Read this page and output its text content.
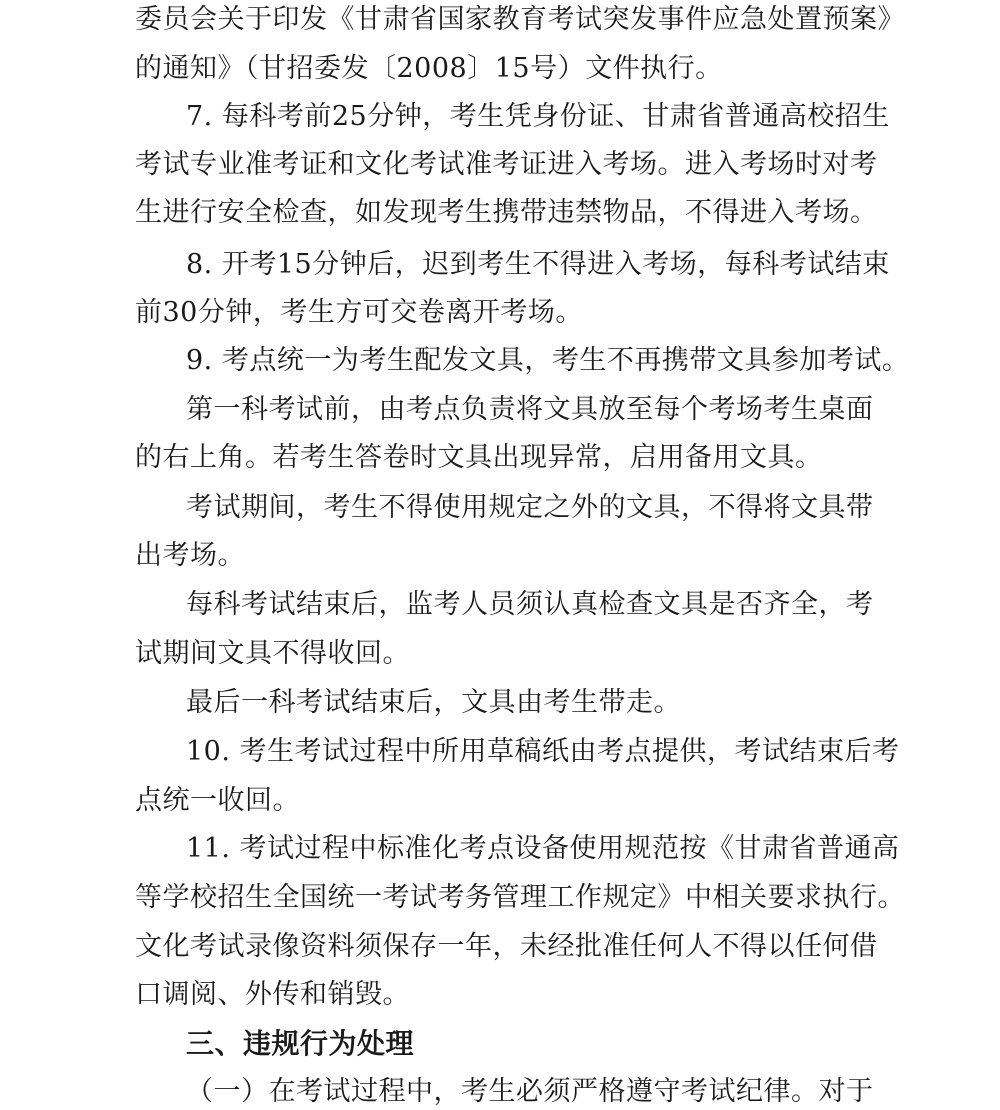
委员会关于印发《甘肃省国家教育考试突发事件应急处置预案》
的通知》（甘招委发〔2008〕15号）文件执行。
7. 每科考前25分钟，考生凭身份证、甘肃省普通高校招生
考试专业准考证和文化考试准考证进入考场。进入考场时对考
生进行安全检查，如发现考生携带违禁物品，不得进入考场。
8. 开考15分钟后，迟到考生不得进入考场，每科考试结束
前30分钟，考生方可交卷离开考场。
9. 考点统一为考生配发文具，考生不再携带文具参加考试。
第一科考试前，由考点负责将文具放至每个考场考生桌面
的右上角。若考生答卷时文具出现异常，启用备用文具。
考试期间，考生不得使用规定之外的文具，不得将文具带
出考场。
每科考试结束后，监考人员须认真检查文具是否齐全，考
试期间文具不得收回。
最后一科考试结束后，文具由考生带走。
10. 考生考试过程中所用草稿纸由考点提供，考试结束后考
点统一收回。
11. 考试过程中标准化考点设备使用规范按《甘肃省普通高
等学校招生全国统一考试考务管理工作规定》中相关要求执行。
文化考试录像资料须保存一年，未经批准任何人不得以任何借
口调阅、外传和销毁。
三、违规行为处理
（一）在考试过程中，考生必须严格遵守考试纪律。对于
